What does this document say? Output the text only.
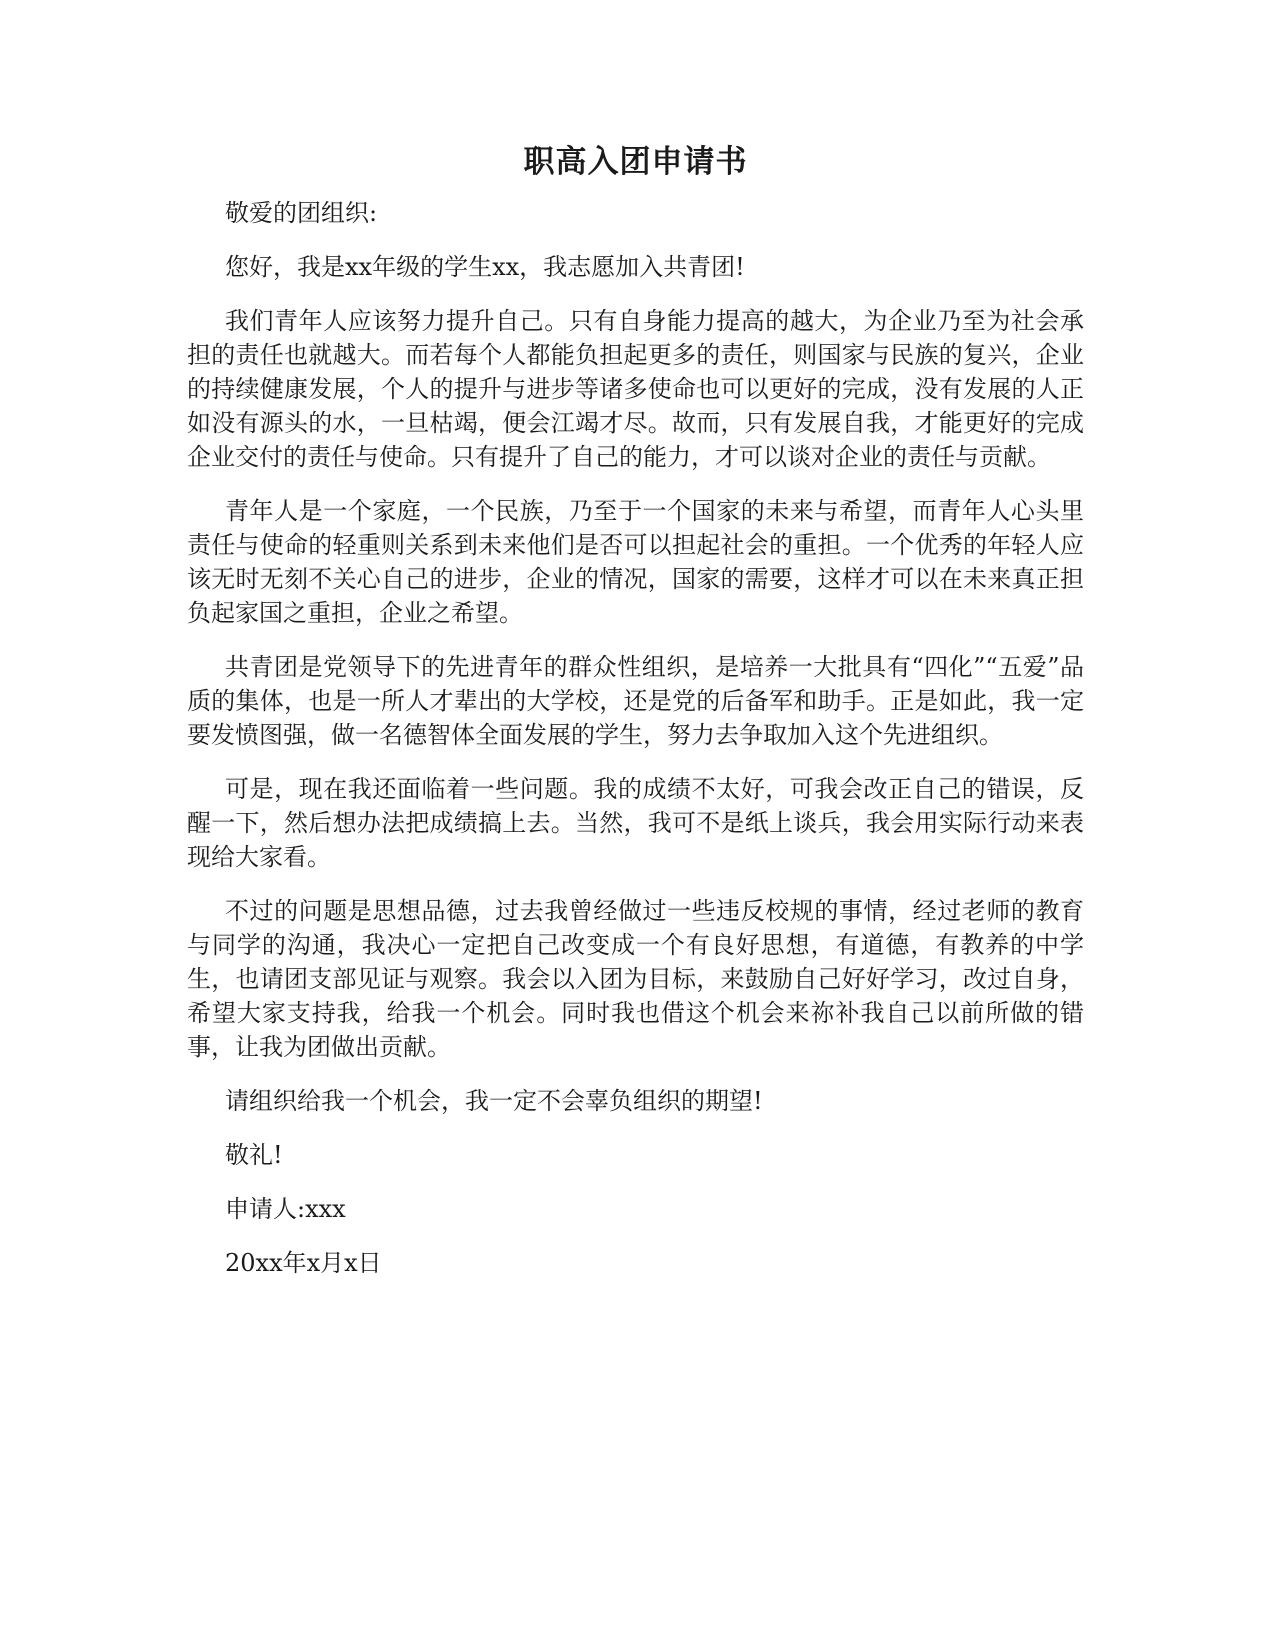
职高入团申请书

敬爱的团组织:

您好，我是xx年级的学生xx，我志愿加入共青团!

我们青年人应该努力提升自己。只有自身能力提高的越大，为企业乃至为社会承担的责任也就越大。而若每个人都能负担起更多的责任，则国家与民族的复兴，企业的持续健康发展，个人的提升与进步等诸多使命也可以更好的完成，没有发展的人正如没有源头的水，一旦枯竭，便会江竭才尽。故而，只有发展自我，才能更好的完成企业交付的责任与使命。只有提升了自己的能力，才可以谈对企业的责任与贡献。

青年人是一个家庭，一个民族，乃至于一个国家的未来与希望，而青年人心头里责任与使命的轻重则关系到未来他们是否可以担起社会的重担。一个优秀的年轻人应该无时无刻不关心自己的进步，企业的情况，国家的需要，这样才可以在未来真正担负起家国之重担，企业之希望。

共青团是党领导下的先进青年的群众性组织，是培养一大批具有“四化”“五爱”品质的集体，也是一所人才辈出的大学校，还是党的后备军和助手。正是如此，我一定要发愤图强，做一名德智体全面发展的学生，努力去争取加入这个先进组织。

可是，现在我还面临着一些问题。我的成绩不太好，可我会改正自己的错误，反醒一下，然后想办法把成绩搞上去。当然，我可不是纸上谈兵，我会用实际行动来表现给大家看。

不过的问题是思想品德，过去我曾经做过一些违反校规的事情，经过老师的教育与同学的沟通，我决心一定把自己改变成一个有良好思想，有道德，有教养的中学生，也请团支部见证与观察。我会以入团为目标，来鼓励自己好好学习，改过自身，希望大家支持我，给我一个机会。同时我也借这个机会来祢补我自己以前所做的错事，让我为团做出贡献。

请组织给我一个机会，我一定不会辜负组织的期望!

敬礼!

申请人:xxx

20xx年x月x日
